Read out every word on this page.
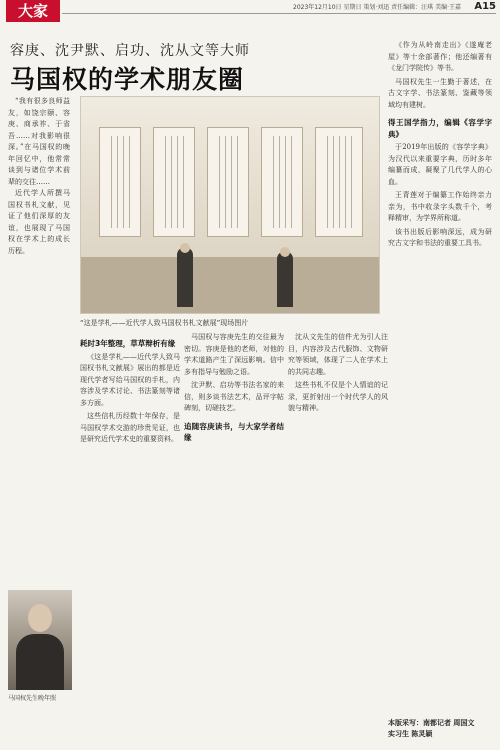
大家	2023年12月10日 星期日 策划·刘迅 责任编辑：汪琪 美编·王嘉	A15
容庚、沈尹默、启功、沈从文等大师
马国权的学术朋友圈

“我有很多良师益友，如饶宗颐、容庚、商承祚、于省吾……对我影响很深。”在马国权的晚年回忆中，他常常谈到与诸位学术前辈的交往……

近代学人所撰马国权书札文献，见证了他们深厚的友谊，也展现了马国权在学术上的成长历程。

马国权先生晚年照
“这是学札——近代学人致马国权书札文献展”现场图片

耗时3年整理，草草辩析有缘

《这是学札——近代学人致马国权书札文献展》展出的都是近现代学者写给马国权的手札，内容涉及学术讨论、书法篆刻等诸多方面。

这些信札历经数十年保存，是马国权学术交游的珍贵见证，也是研究近代学术史的重要资料。

马国权与容庚先生的交往最为密切。容庚是他的老师，对他的学术道路产生了深远影响。信中多有指导与勉励之语。

沈尹默、启功等书法名家的来信，则多谈书法艺术，品评字帖碑刻，切磋技艺。

追随容庚读书，与大家学者结缘

沈从文先生的信件尤为引人注目，内容涉及古代服饰、文物研究等领域，体现了二人在学术上的共同志趣。

这些书札不仅是个人情谊的记录，更折射出一个时代学人的风貌与精神。

《作为从岭南走出》《遂庵老屋》等十余部著作；他还编著有《龙门学院传》等书。

马国权先生一生勤于著述，在古文字学、书法篆刻、鉴藏等领域均有建树。

得王国学指力，编辑《容学字典》

于2019年出版的《容学字典》为汉代以来重要字典，历时多年编纂而成，凝聚了几代学人的心血。

王青莲对于编纂工作始终亲力亲为，书中收录字头数千个，考释精审，为学界所称道。

该书出版后影响深远，成为研究古文字和书法的重要工具书。

本版采写：南都记者 周国文
实习生 陈灵颖
